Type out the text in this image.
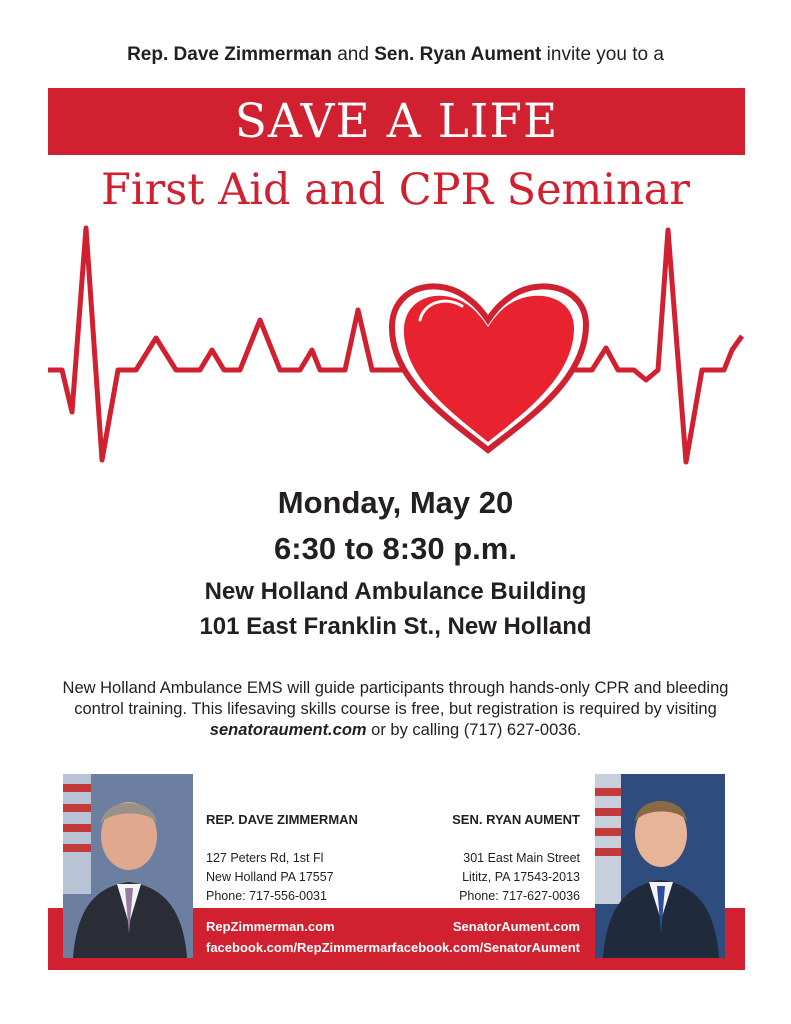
Rep. Dave Zimmerman and Sen. Ryan Aument invite you to a
SAVE A LIFE
First Aid and CPR Seminar
Monday, May 20
6:30 to 8:30 p.m.
New Holland Ambulance Building
101 East Franklin St., New Holland
New Holland Ambulance EMS will guide participants through hands-only CPR and bleeding control training. This lifesaving skills course is free, but registration is required by visiting senatoraument.com or by calling (717) 627-0036.
REP. DAVE ZIMMERMAN
127 Peters Rd, 1st Fl
New Holland PA 17557
Phone: 717-556-0031
SEN. RYAN AUMENT
301 East Main Street
Lititz, PA 17543-2013
Phone: 717-627-0036
RepZimmerman.com
facebook.com/RepZimmerman
SenatorAument.com
facebook.com/SenatorAument
